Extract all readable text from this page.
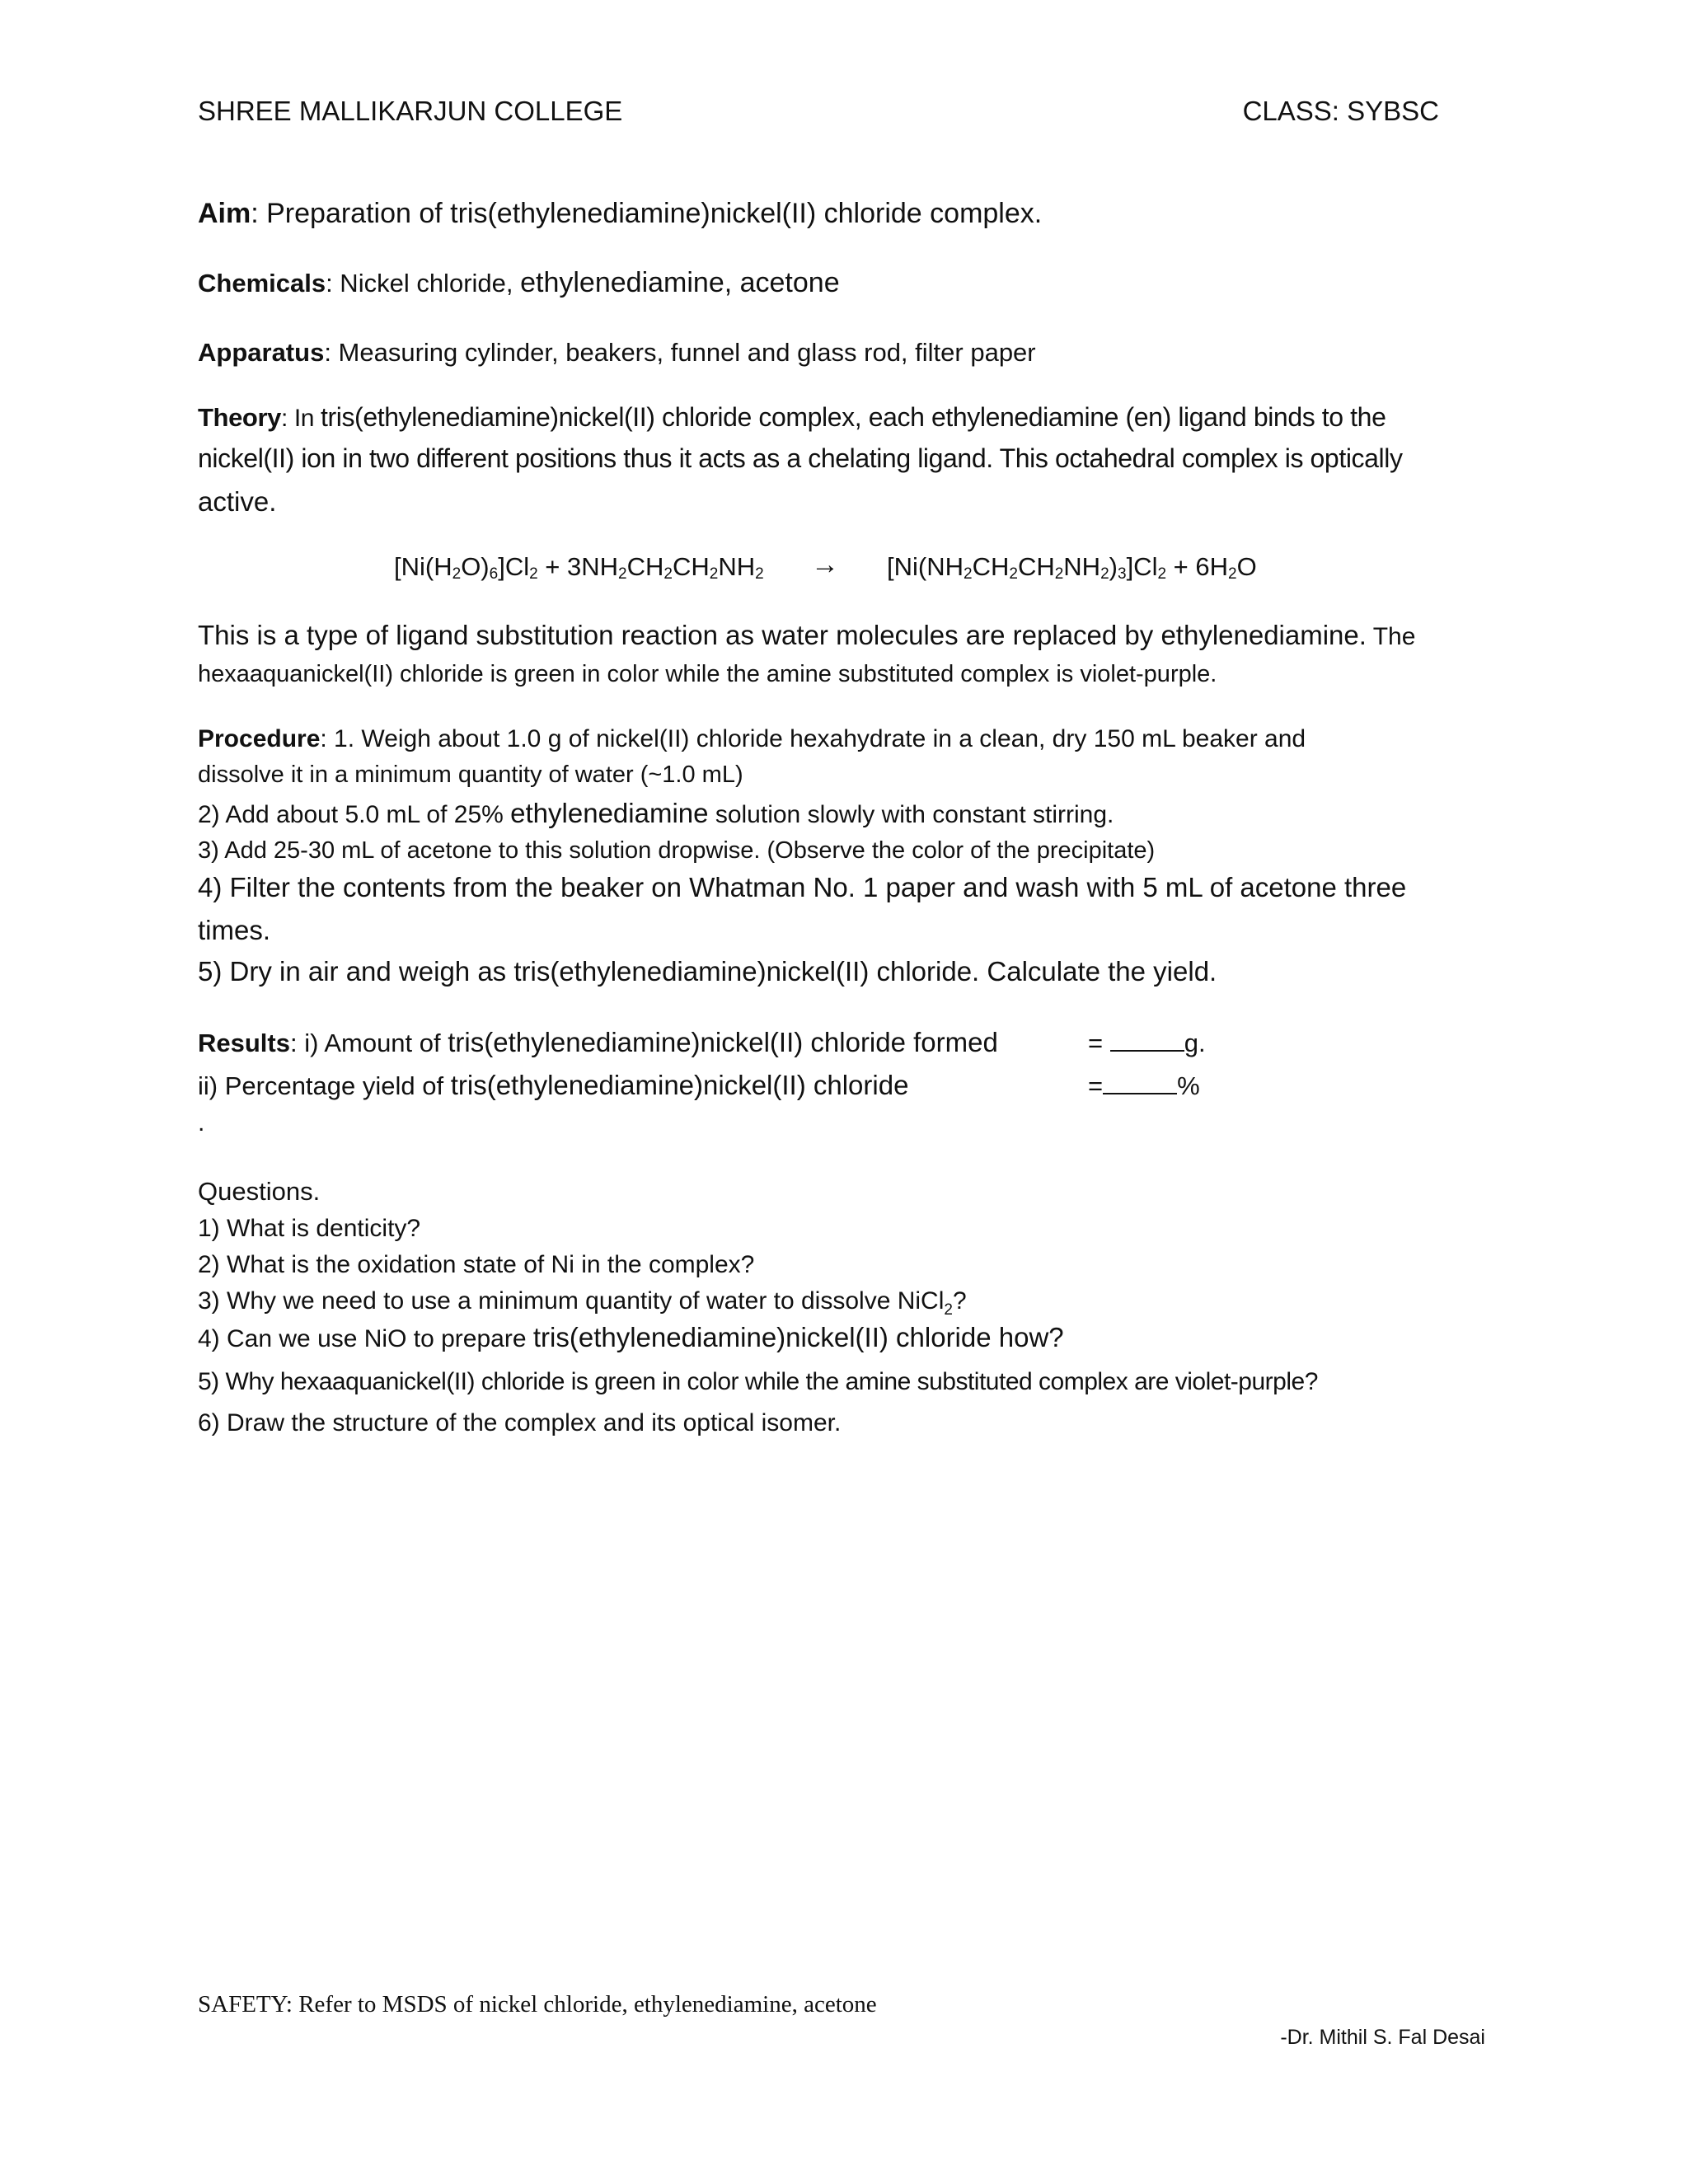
SHREE MALLIKARJUN COLLEGE	CLASS: SYBSC
Aim: Preparation of tris(ethylenediamine)nickel(II) chloride complex.
Chemicals: Nickel chloride, ethylenediamine, acetone
Apparatus: Measuring cylinder, beakers, funnel and glass rod, filter paper
Theory: In tris(ethylenediamine)nickel(II) chloride complex, each ethylenediamine (en) ligand binds to the
nickel(II) ion in two different positions thus it acts as a chelating ligand. This octahedral complex is optically
active.
$[Ni(H_2O)_6]Cl_2 + 3NH_2CH_2CH_2NH_2 \to [Ni(NH_2CH_2CH_2NH_2)_3]Cl_2 + 6H_2O$
This is a type of ligand substitution reaction as water molecules are replaced by ethylenediamine. The
hexaaquanickel(II) chloride is green in color while the amine substituted complex is violet-purple.
Procedure: 1. Weigh about 1.0 g of nickel(II) chloride hexahydrate in a clean, dry 150 mL beaker and
dissolve it in a minimum quantity of water (~1.0 mL)
2) Add about 5.0 mL of 25% ethylenediamine solution slowly with constant stirring.
3) Add 25-30 mL of acetone to this solution dropwise. (Observe the color of the precipitate)
4) Filter the contents from the beaker on Whatman No. 1 paper and wash with 5 mL of acetone three
times.
5) Dry in air and weigh as tris(ethylenediamine)nickel(II) chloride. Calculate the yield.
Results: i) Amount of tris(ethylenediamine)nickel(II) chloride formed	=	g.
ii) Percentage yield of tris(ethylenediamine)nickel(II) chloride	=	%
.
Questions.
1) What is denticity?
2) What is the oxidation state of Ni in the complex?
3) Why we need to use a minimum quantity of water to dissolve NiCl$_2$?
4) Can we use NiO to prepare tris(ethylenediamine)nickel(II) chloride how?
5) Why hexaaquanickel(II) chloride is green in color while the amine substituted complex are violet-purple?
6) Draw the structure of the complex and its optical isomer.
SAFETY: Refer to MSDS of nickel chloride, ethylenediamine, acetone
-Dr. Mithil S. Fal Desai
